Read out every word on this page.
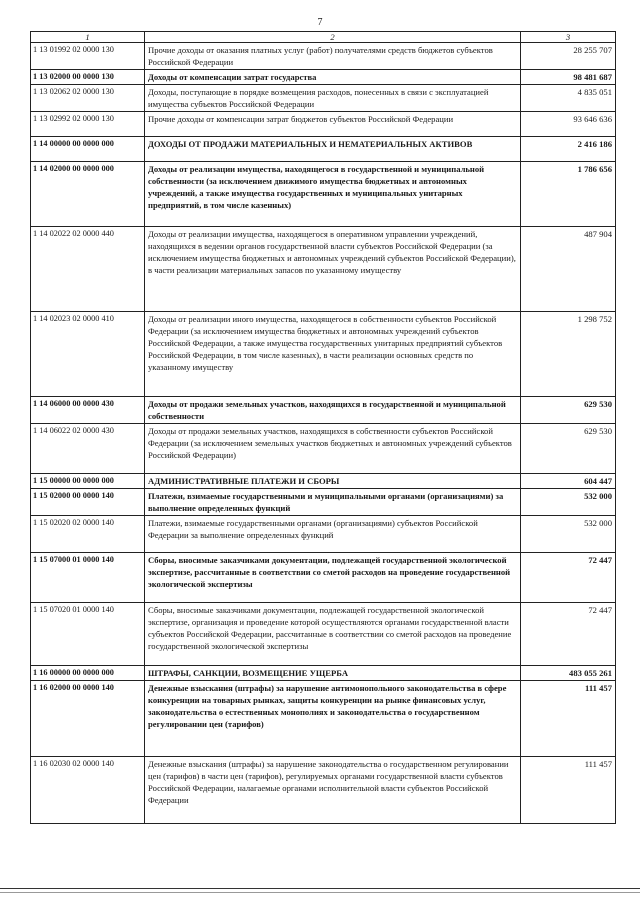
7
1	2	3
1 13 01992 02 0000 130	Прочие доходы от оказания платных услуг (работ) получателями средств бюджетов субъектов Российской Федерации	28 255 707
1 13 02000 00 0000 130	Доходы от компенсации затрат государства	98 481 687
1 13 02062 02 0000 130	Доходы, поступающие в порядке возмещения расходов, понесенных в связи с эксплуатацией имущества субъектов Российской Федерации	4 835 051
1 13 02992 02 0000 130	Прочие доходы от компенсации затрат бюджетов субъектов Российской Федерации	93 646 636
1 14 00000 00 0000 000	ДОХОДЫ ОТ ПРОДАЖИ МАТЕРИАЛЬНЫХ И НЕМАТЕРИАЛЬНЫХ АКТИВОВ	2 416 186
1 14 02000 00 0000 000	Доходы от реализации имущества, находящегося в государственной и муниципальной собственности (за исключением движимого имущества бюджетных и автономных учреждений, а также имущества государственных и муниципальных унитарных предприятий, в том числе казенных)	1 786 656
1 14 02022 02 0000 440	Доходы от реализации имущества, находящегося в оперативном управлении учреждений, находящихся в ведении органов государственной власти субъектов Российской Федерации (за исключением имущества бюджетных и автономных учреждений субъектов Российской Федерации), в части реализации материальных запасов по указанному имуществу	487 904
1 14 02023 02 0000 410	Доходы от реализации иного имущества, находящегося в собственности субъектов Российской Федерации (за исключением имущества бюджетных и автономных учреждений субъектов Российской Федерации, а также имущества государственных унитарных предприятий субъектов Российской Федерации, в том числе казенных), в части реализации основных средств по указанному имуществу	1 298 752
1 14 06000 00 0000 430	Доходы от продажи земельных участков, находящихся в государственной и муниципальной собственности	629 530
1 14 06022 02 0000 430	Доходы от продажи земельных участков, находящихся в собственности субъектов Российской Федерации (за исключением земельных участков бюджетных и автономных учреждений субъектов Российской Федерации)	629 530
1 15 00000 00 0000 000	АДМИНИСТРАТИВНЫЕ ПЛАТЕЖИ И СБОРЫ	604 447
1 15 02000 00 0000 140	Платежи, взимаемые государственными и муниципальными органами (организациями) за выполнение определенных функций	532 000
1 15 02020 02 0000 140	Платежи, взимаемые государственными органами (организациями) субъектов Российской Федерации за выполнение определенных функций	532 000
1 15 07000 01 0000 140	Сборы, вносимые заказчиками документации, подлежащей государственной экологической экспертизе, рассчитанные в соответствии со сметой расходов на проведение государственной экологической экспертизы	72 447
1 15 07020 01 0000 140	Сборы, вносимые заказчиками документации, подлежащей государственной экологической экспертизе, организация и проведение которой осуществляются органами государственной власти субъектов Российской Федерации, рассчитанные в соответствии со сметой расходов на проведение государственной экологической экспертизы	72 447
1 16 00000 00 0000 000	ШТРАФЫ, САНКЦИИ, ВОЗМЕЩЕНИЕ УЩЕРБА	483 055 261
1 16 02000 00 0000 140	Денежные взыскания (штрафы) за нарушение антимонопольного законодательства в сфере конкуренции на товарных рынках, защиты конкуренции на рынке финансовых услуг, законодательства о естественных монополиях и законодательства о государственном регулировании цен (тарифов)	111 457
1 16 02030 02 0000 140	Денежные взыскания (штрафы) за нарушение законодательства о государственном регулировании цен (тарифов) в части цен (тарифов), регулируемых органами государственной власти субъектов Российской Федерации, налагаемые органами исполнительной власти субъектов Российской Федерации	111 457
